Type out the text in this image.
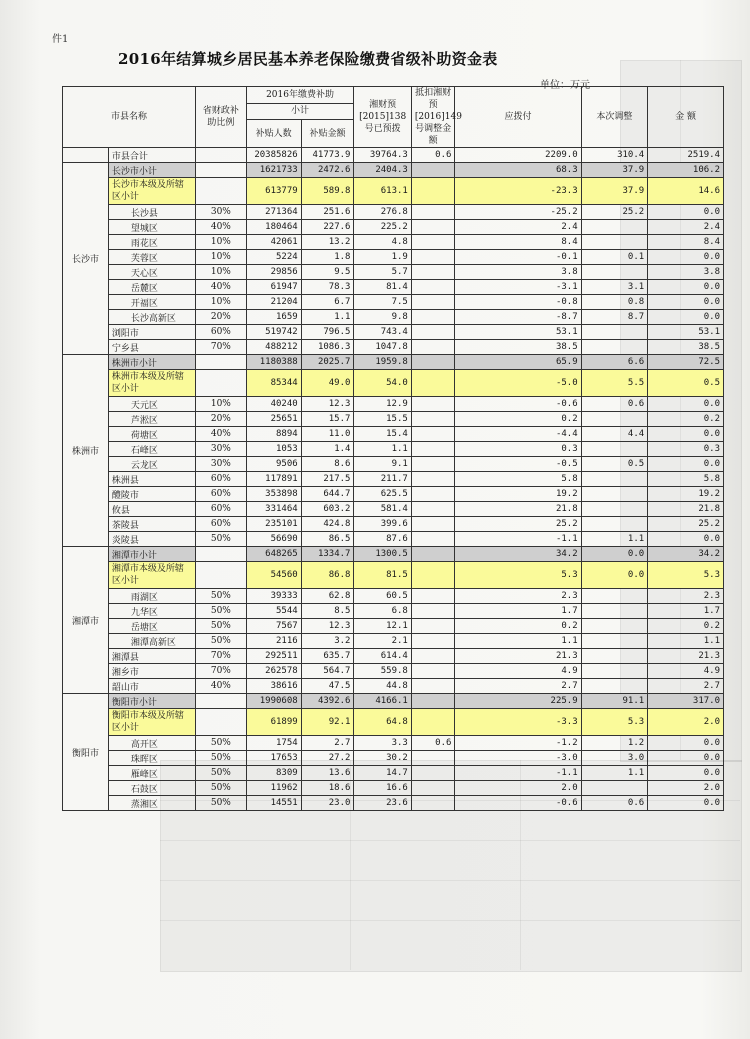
件1
2016年结算城乡居民基本养老保险缴费省级补助资金表
单位：万元
市县名称		省财政补助比例	2016年缴费补助		湘财预[2015]138号已预拨	抵扣湘财预[2016]149号调整金额	应拨付	本次调整	金 额
			小计						
			补贴人数	补贴金额					
	市县合计		20385826	41773.9	39764.3	0.6	2209.0	310.4	2519.4
长沙市	长沙市小计		1621733	2472.6	2404.3		68.3	37.9	106.2
	长沙市本级及所辖区小计		613779	589.8	613.1		-23.3	37.9	14.6
	长沙县	30%	271364	251.6	276.8		-25.2	25.2	0.0
	望城区	40%	180464	227.6	225.2		2.4		2.4
	雨花区	10%	42061	13.2	4.8		8.4		8.4
	芙蓉区	10%	5224	1.8	1.9		-0.1	0.1	0.0
	天心区	10%	29856	9.5	5.7		3.8		3.8
	岳麓区	40%	61947	78.3	81.4		-3.1	3.1	0.0
	开福区	10%	21204	6.7	7.5		-0.8	0.8	0.0
	长沙高新区	20%	1659	1.1	9.8		-8.7	8.7	0.0
	浏阳市	60%	519742	796.5	743.4		53.1		53.1
	宁乡县	70%	488212	1086.3	1047.8		38.5		38.5
株洲市	株洲市小计		1180388	2025.7	1959.8		65.9	6.6	72.5
	株洲市本级及所辖区小计		85344	49.0	54.0		-5.0	5.5	0.5
	天元区	10%	40240	12.3	12.9		-0.6	0.6	0.0
	芦淞区	20%	25651	15.7	15.5		0.2		0.2
	荷塘区	40%	8894	11.0	15.4		-4.4	4.4	0.0
	石峰区	30%	1053	1.4	1.1		0.3		0.3
	云龙区	30%	9506	8.6	9.1		-0.5	0.5	0.0
	株洲县	60%	117891	217.5	211.7		5.8		5.8
	醴陵市	60%	353898	644.7	625.5		19.2		19.2
	攸县	60%	331464	603.2	581.4		21.8		21.8
	茶陵县	60%	235101	424.8	399.6		25.2		25.2
	炎陵县	50%	56690	86.5	87.6		-1.1	1.1	0.0
湘潭市	湘潭市小计		648265	1334.7	1300.5		34.2	0.0	34.2
	湘潭市本级及所辖区小计		54560	86.8	81.5		5.3	0.0	5.3
	雨湖区	50%	39333	62.8	60.5		2.3		2.3
	九华区	50%	5544	8.5	6.8		1.7		1.7
	岳塘区	50%	7567	12.3	12.1		0.2		0.2
	湘潭高新区	50%	2116	3.2	2.1		1.1		1.1
	湘潭县	70%	292511	635.7	614.4		21.3		21.3
	湘乡市	70%	262578	564.7	559.8		4.9		4.9
	韶山市	40%	38616	47.5	44.8		2.7		2.7
衡阳市	衡阳市小计		1990608	4392.6	4166.1		225.9	91.1	317.0
	衡阳市本级及所辖区小计		61899	92.1	64.8		-3.3	5.3	2.0
	高开区	50%	1754	2.7	3.3	0.6	-1.2	1.2	0.0
	珠晖区	50%	17653	27.2	30.2		-3.0	3.0	0.0
	雁峰区	50%	8309	13.6	14.7		-1.1	1.1	0.0
	石鼓区	50%	11962	18.6	16.6		2.0		2.0
	蒸湘区	50%	14551	23.0	23.6		-0.6	0.6	0.0
